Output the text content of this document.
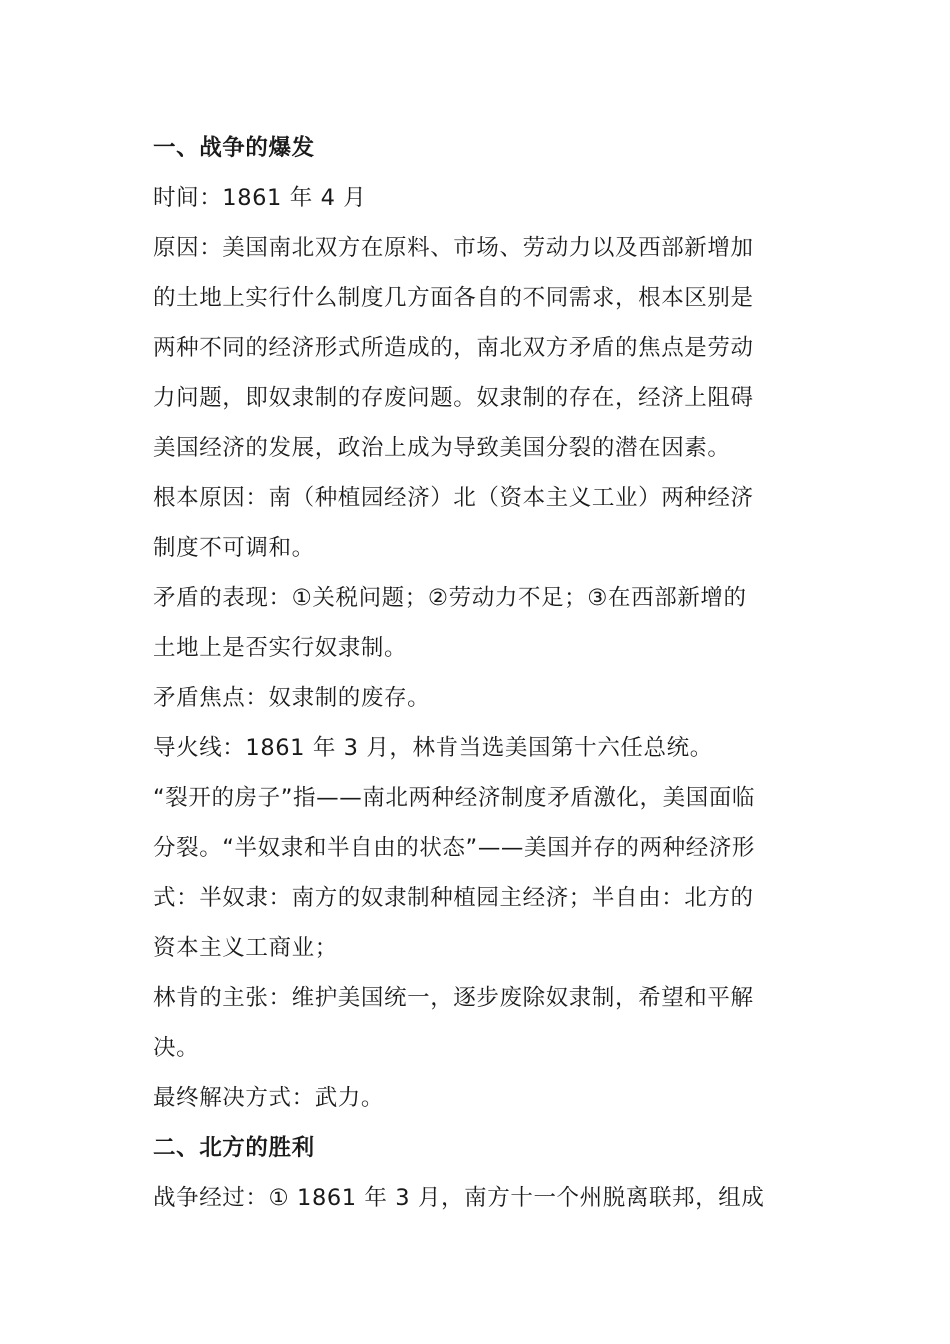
一、战争的爆发
时间：1861 年 4 月
原因：美国南北双方在原料、市场、劳动力以及西部新增加
的土地上实行什么制度几方面各自的不同需求，根本区别是
两种不同的经济形式所造成的，南北双方矛盾的焦点是劳动
力问题，即奴隶制的存废问题。奴隶制的存在，经济上阻碍
美国经济的发展，政治上成为导致美国分裂的潜在因素。
根本原因：南（种植园经济）北（资本主义工业）两种经济
制度不可调和。
矛盾的表现：①关税问题；②劳动力不足；③在西部新增的
土地上是否实行奴隶制。
矛盾焦点：奴隶制的废存。
导火线：1861 年 3 月，林肯当选美国第十六任总统。
“裂开的房子”指——南北两种经济制度矛盾激化，美国面临
分裂。“半奴隶和半自由的状态”——美国并存的两种经济形
式：半奴隶：南方的奴隶制种植园主经济；半自由：北方的
资本主义工商业；
林肯的主张：维护美国统一，逐步废除奴隶制，希望和平解
决。
最终解决方式：武力。
二、北方的胜利
战争经过：① 1861 年 3 月，南方十一个州脱离联邦，组成
